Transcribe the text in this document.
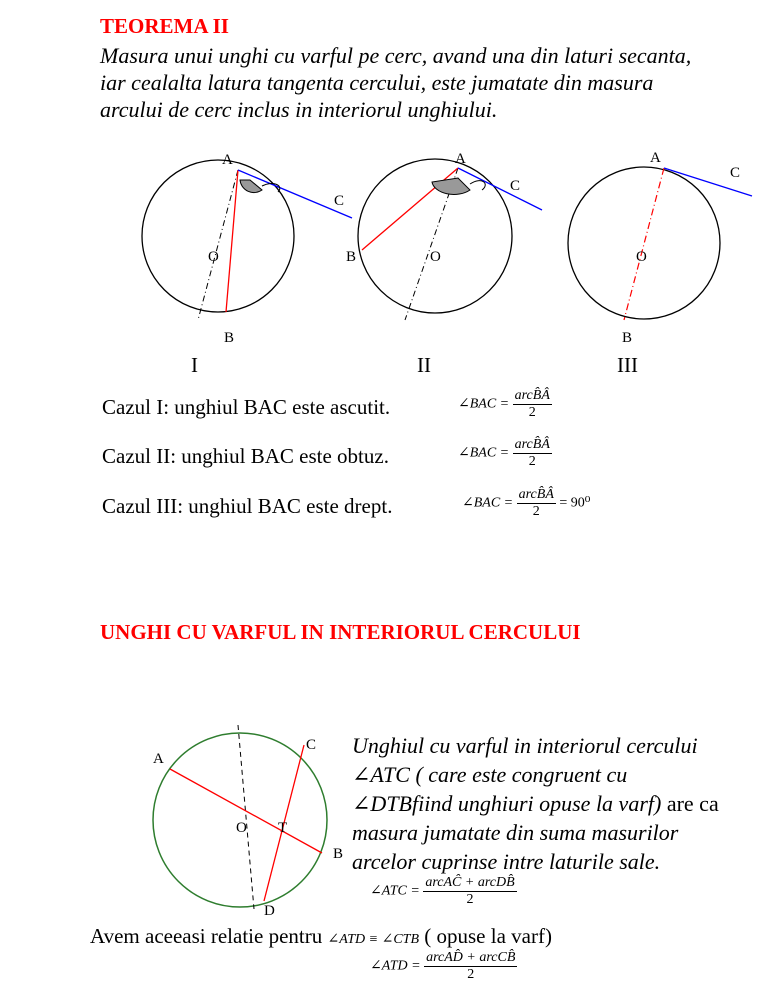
TEOREMA II
Masura unui unghi cu varful pe cerc, avand una din laturi secanta,
iar cealalta latura tangenta cercului, este jumatate din masura
arcului de cerc inclus in interiorul unghiului.
A
C
O
B
A
C
B	O
A
C
O
B
I	II	III
Cazul I: unghiul BAC este ascutit.	∠BAC = $\frac{\text{arcB̂Â}}{2}$
Cazul II: unghiul BAC este obtuz.	∠BAC = $\frac{\text{arcB̂Â}}{2}$
Cazul III: unghiul BAC este drept.	∠BAC = $\frac{\text{arcB̂Â}}{2} = 90^0$
UNGHI CU VARFUL IN INTERIORUL CERCULUI
A
C
O T
B
D
Unghiul cu varful in interiorul cercului
∠ATC ( care este congruent cu
∠DTBfiind unghiuri opuse la varf) are ca
masura jumatate din suma masurilor
arcelor cuprinse intre laturile sale.
∠ATC = $\frac{\text{arcAĈ + arcDB̂}}{2}$
Avem aceeasi relatie pentru ∠ATD ≡ ∠CTB ( opuse la varf)
∠ATD = $\frac{\text{arcAD̂ + arcCB̂}}{2}$
